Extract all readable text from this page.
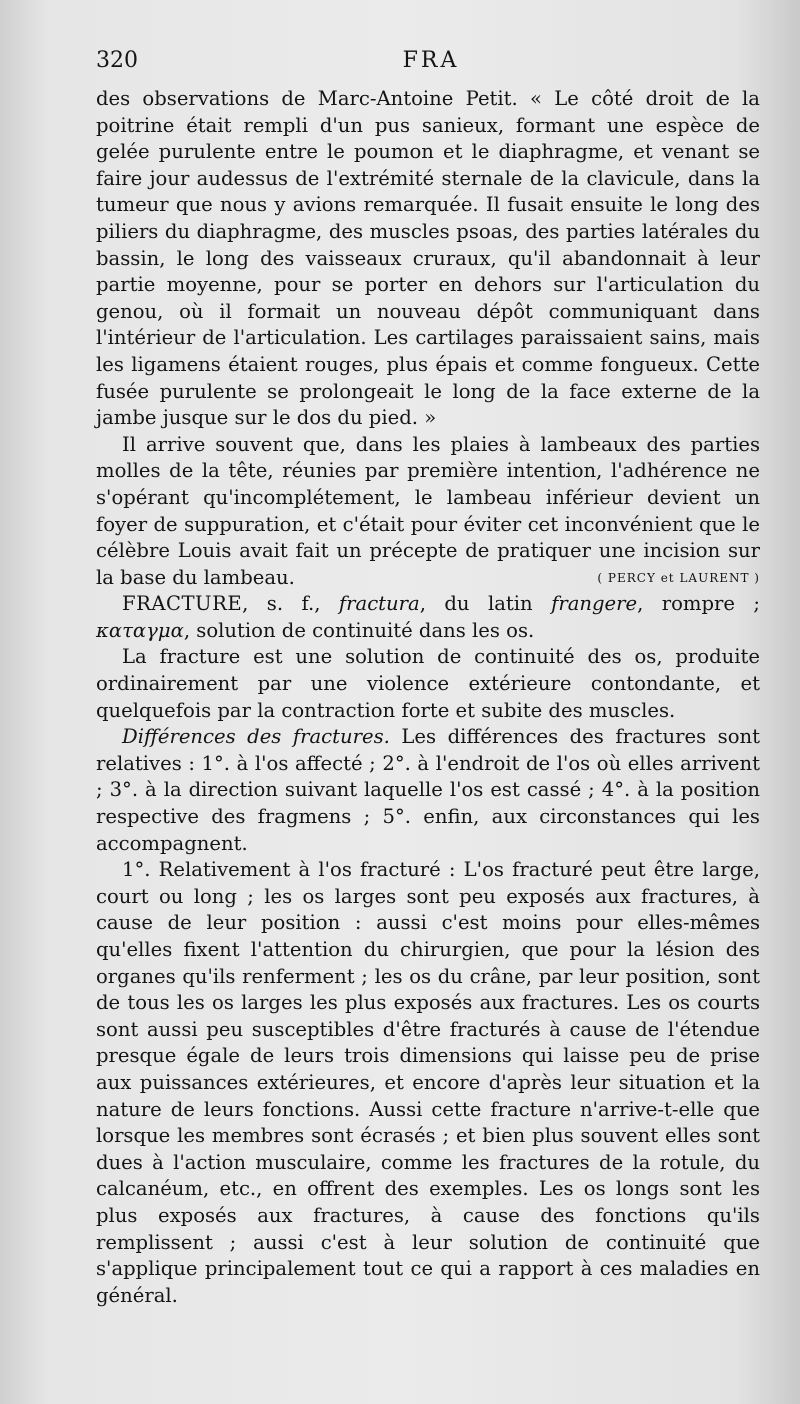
320	FRA

des observations de Marc-Antoine Petit. « Le côté droit de la poitrine était rempli d'un pus sanieux, formant une espèce de gelée purulente entre le poumon et le diaphragme, et venant se faire jour audessus de l'extrémité sternale de la clavicule, dans la tumeur que nous y avions remarquée. Il fusait ensuite le long des piliers du diaphragme, des muscles psoas, des parties latérales du bassin, le long des vaisseaux cruraux, qu'il abandonnait à leur partie moyenne, pour se porter en dehors sur l'articulation du genou, où il formait un nouveau dépôt communiquant dans l'intérieur de l'articulation. Les cartilages paraissaient sains, mais les ligamens étaient rouges, plus épais et comme fongueux. Cette fusée purulente se prolongeait le long de la face externe de la jambe jusque sur le dos du pied. »

Il arrive souvent que, dans les plaies à lambeaux des parties molles de la tête, réunies par première intention, l'adhérence ne s'opérant qu'incomplétement, le lambeau inférieur devient un foyer de suppuration, et c'était pour éviter cet inconvénient que le célèbre Louis avait fait un précepte de pratiquer une incision sur la base du lambeau.	( PERCY et LAURENT )

FRACTURE, s. f., fractura, du latin frangere, rompre ; καταγμα, solution de continuité dans les os.

La fracture est une solution de continuité des os, produite ordinairement par une violence extérieure contondante, et quelquefois par la contraction forte et subite des muscles.

Différences des fractures. Les différences des fractures sont relatives : 1°. à l'os affecté ; 2°. à l'endroit de l'os où elles arrivent ; 3°. à la direction suivant laquelle l'os est cassé ; 4°. à la position respective des fragmens ; 5°. enfin, aux circonstances qui les accompagnent.

1°. Relativement à l'os fracturé : L'os fracturé peut être large, court ou long ; les os larges sont peu exposés aux fractures, à cause de leur position : aussi c'est moins pour elles-mêmes qu'elles fixent l'attention du chirurgien, que pour la lésion des organes qu'ils renferment ; les os du crâne, par leur position, sont de tous les os larges les plus exposés aux fractures. Les os courts sont aussi peu susceptibles d'être fracturés à cause de l'étendue presque égale de leurs trois dimensions qui laisse peu de prise aux puissances extérieures, et encore d'après leur situation et la nature de leurs fonctions. Aussi cette fracture n'arrive-t-elle que lorsque les membres sont écrasés ; et bien plus souvent elles sont dues à l'action musculaire, comme les fractures de la rotule, du calcanéum, etc., en offrent des exemples. Les os longs sont les plus exposés aux fractures, à cause des fonctions qu'ils remplissent ; aussi c'est à leur solution de continuité que s'applique principalement tout ce qui a rapport à ces maladies en général.
